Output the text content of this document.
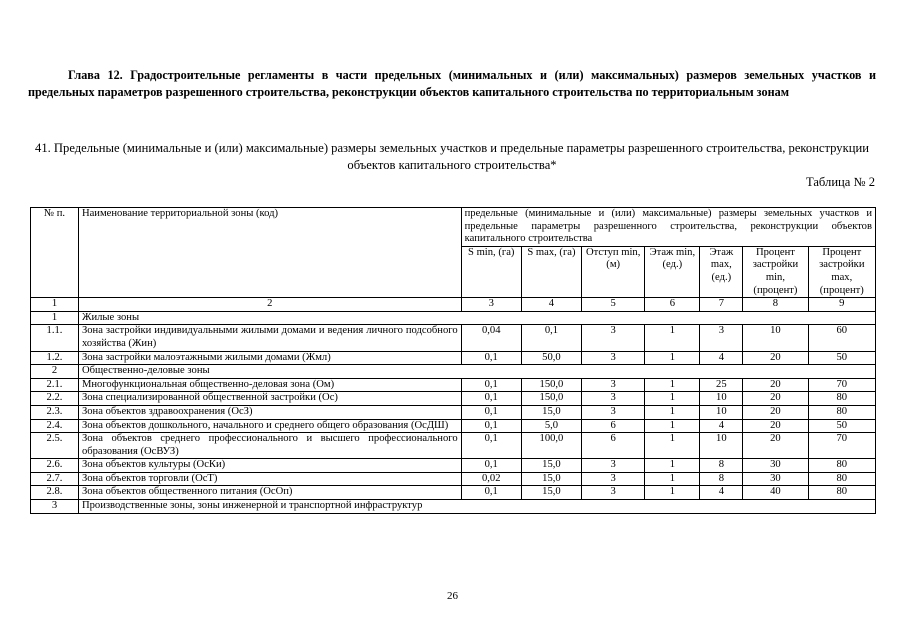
Глава 12. Градостроительные регламенты в части предельных (минимальных и (или) максимальных) размеров земельных участков и предельных параметров разрешенного строительства, реконструкции объектов капитального строительства по территориальным зонам
41. Предельные (минимальные и (или) максимальные) размеры земельных участков и предельные параметры разрешенного строительства, реконструкции объектов капитального строительства*
Таблица № 2
№ п.	Наименование территориальной зоны (код)	предельные (минимальные и (или) максимальные) размеры земельных участков и предельные параметры разрешенного строительства, реконструкции объектов капитального строительства						
		S min, (га)	S max, (га)	Отступ min, (м)	Этаж min, (ед.)	Этаж max, (ед.)	Процент застройки min, (процент)	Процент застройки max, (процент)
1	2	3	4	5	6	7	8	9
1	Жилые зоны							
1.1.	Зона застройки индивидуальными жилыми домами и ведения личного подсобного хозяйства (Жин)	0,04	0,1	3	1	3	10	60
1.2.	Зона застройки малоэтажными жилыми домами (Жмл)	0,1	50,0	3	1	4	20	50
2	Общественно-деловые зоны							
2.1.	Многофункциональная общественно-деловая зона (Ом)	0,1	150,0	3	1	25	20	70
2.2.	Зона специализированной общественной застройки (Ос)	0,1	150,0	3	1	10	20	80
2.3.	Зона объектов здравоохранения (ОсЗ)	0,1	15,0	3	1	10	20	80
2.4.	Зона объектов дошкольного, начального и среднего общего образования (ОсДШ)	0,1	5,0	6	1	4	20	50
2.5.	Зона объектов среднего профессионального и высшего профессионального образования (ОсВУЗ)	0,1	100,0	6	1	10	20	70
2.6.	Зона объектов культуры (ОсКи)	0,1	15,0	3	1	8	30	80
2.7.	Зона объектов торговли (ОсТ)	0,02	15,0	3	1	8	30	80
2.8.	Зона объектов общественного питания (ОсОп)	0,1	15,0	3	1	4	40	80
3	Производственные зоны, зоны инженерной и транспортной инфраструктур							
26
